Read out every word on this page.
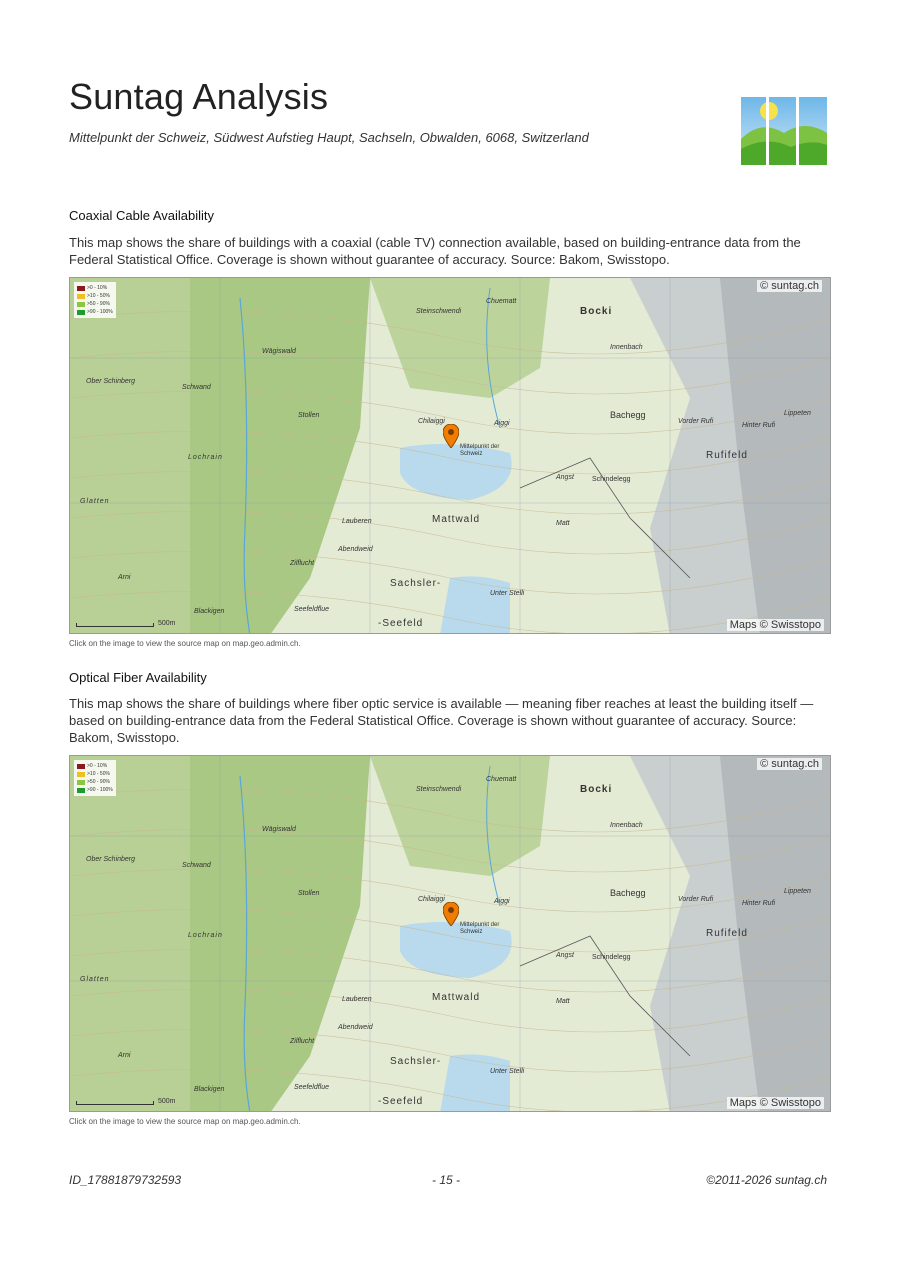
Suntag Analysis
Mittelpunkt der Schweiz, Südwest Aufstieg Haupt, Sachseln, Obwalden, 6068, Switzerland
Coaxial Cable Availability
This map shows the share of buildings with a coaxial (cable TV) connection available, based on building-entrance data from the Federal Statistical Office. Coverage is shown without guarantee of accuracy. Source: Bakom, Swisstopo.
>0 - 10%
>10 - 50%
>50 - 90%
>90 - 100%	Bocki
Sachsler-
-Seefeld
Mattwald
Rufifeld
Bachegg
Chilaiggi	Aiggi
Mittelpunkt der Schweiz
Schindelegg
Stollen
Lochrain
Wägiswald
Ober Schinberg
Schwand
Steinschwendi
Chuematt
Lauberen
Abendweid
Zilflucht
Seefeldflue
Blackigen
Arni
Glatten
Matt
Angst
Unter Stelli
Vorder Rufi
Hinter Rufi
Lippeten
Innenbach
© suntag.ch
Maps © Swisstopo
500m
Click on the image to view the source map on map.geo.admin.ch.
Optical Fiber Availability
This map shows the share of buildings where fiber optic service is available — meaning fiber reaches at least the building itself — based on building-entrance data from the Federal Statistical Office. Coverage is shown without guarantee of accuracy. Source: Bakom, Swisstopo.
>0 - 10%
>10 - 50%
>50 - 90%
>90 - 100%	Bocki
Sachsler-
-Seefeld
Mattwald
Rufifeld
Bachegg
Chilaiggi	Aiggi
Mittelpunkt der Schweiz
Schindelegg
Stollen
Lochrain
Wägiswald
Ober Schinberg
Schwand
Steinschwendi
Chuematt
Lauberen
Abendweid
Zilflucht
Seefeldflue
Blackigen
Arni
Glatten
Matt
Angst
Unter Stelli
Vorder Rufi
Hinter Rufi
Lippeten
Innenbach
© suntag.ch
Maps © Swisstopo
500m
Click on the image to view the source map on map.geo.admin.ch.
ID_17881879732593	- 15 -	©2011-2026 suntag.ch
